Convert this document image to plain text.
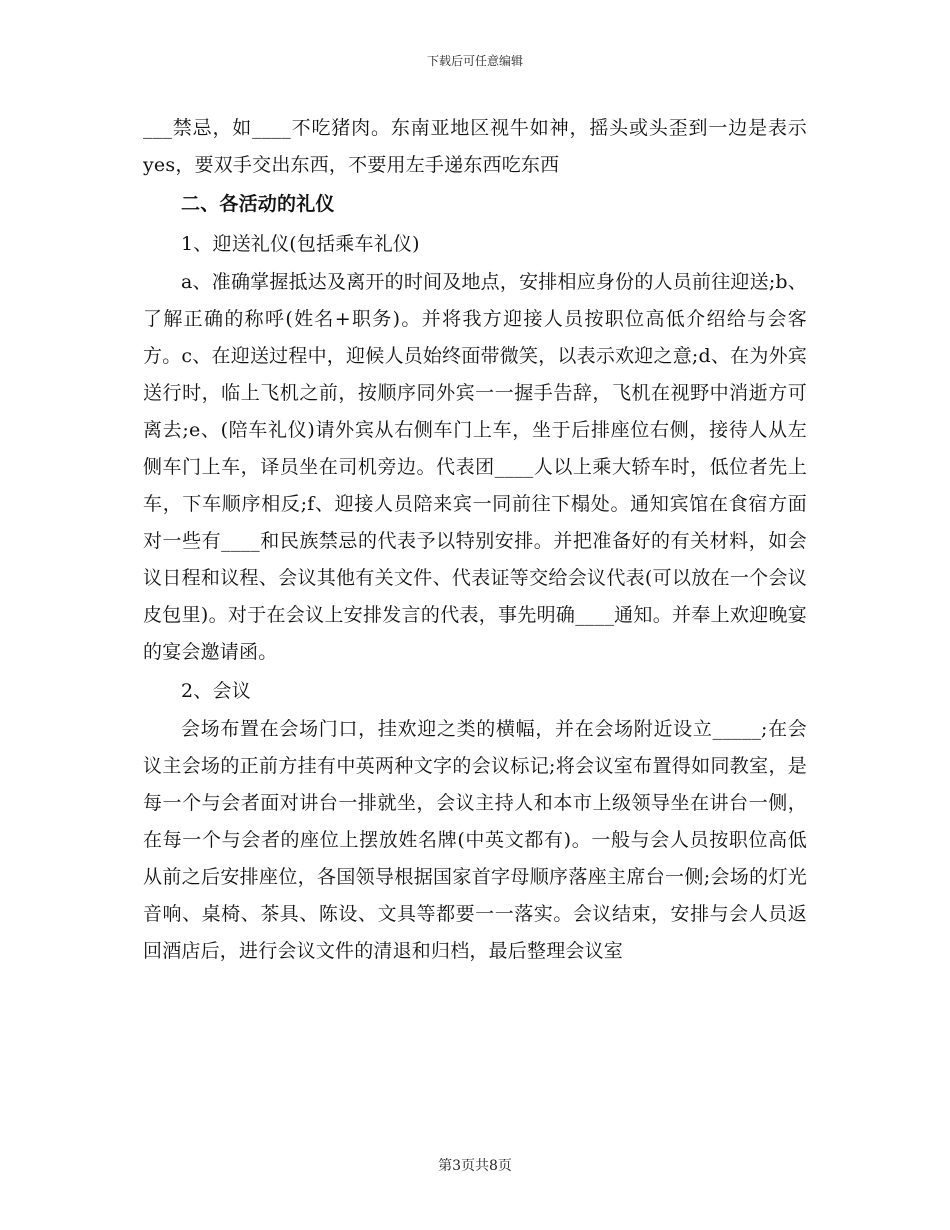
下载后可任意编辑

___禁忌，如____不吃猪肉。东南亚地区视牛如神，摇头或头歪到一边是表示yes，要双手交出东西，不要用左手递东西吃东西

二、各活动的礼仪

1、迎送礼仪(包括乘车礼仪)

a、准确掌握抵达及离开的时间及地点，安排相应身份的人员前往迎送;b、了解正确的称呼(姓名+职务)。并将我方迎接人员按职位高低介绍给与会客方。c、在迎送过程中，迎候人员始终面带微笑，以表示欢迎之意;d、在为外宾送行时，临上飞机之前，按顺序同外宾一一握手告辞，飞机在视野中消逝方可离去;e、(陪车礼仪)请外宾从右侧车门上车，坐于后排座位右侧，接待人从左侧车门上车，译员坐在司机旁边。代表团____人以上乘大轿车时，低位者先上车，下车顺序相反;f、迎接人员陪来宾一同前往下榻处。通知宾馆在食宿方面对一些有____和民族禁忌的代表予以特别安排。并把准备好的有关材料，如会议日程和议程、会议其他有关文件、代表证等交给会议代表(可以放在一个会议皮包里)。对于在会议上安排发言的代表，事先明确____通知。并奉上欢迎晚宴的宴会邀请函。

2、会议

会场布置在会场门口，挂欢迎之类的横幅，并在会场附近设立_____;在会议主会场的正前方挂有中英两种文字的会议标记;将会议室布置得如同教室，是每一个与会者面对讲台一排就坐，会议主持人和本市上级领导坐在讲台一侧，在每一个与会者的座位上摆放姓名牌(中英文都有)。一般与会人员按职位高低从前之后安排座位，各国领导根据国家首字母顺序落座主席台一侧;会场的灯光音响、桌椅、茶具、陈设、文具等都要一一落实。会议结束，安排与会人员返回酒店后，进行会议文件的清退和归档，最后整理会议室

第3页共8页
